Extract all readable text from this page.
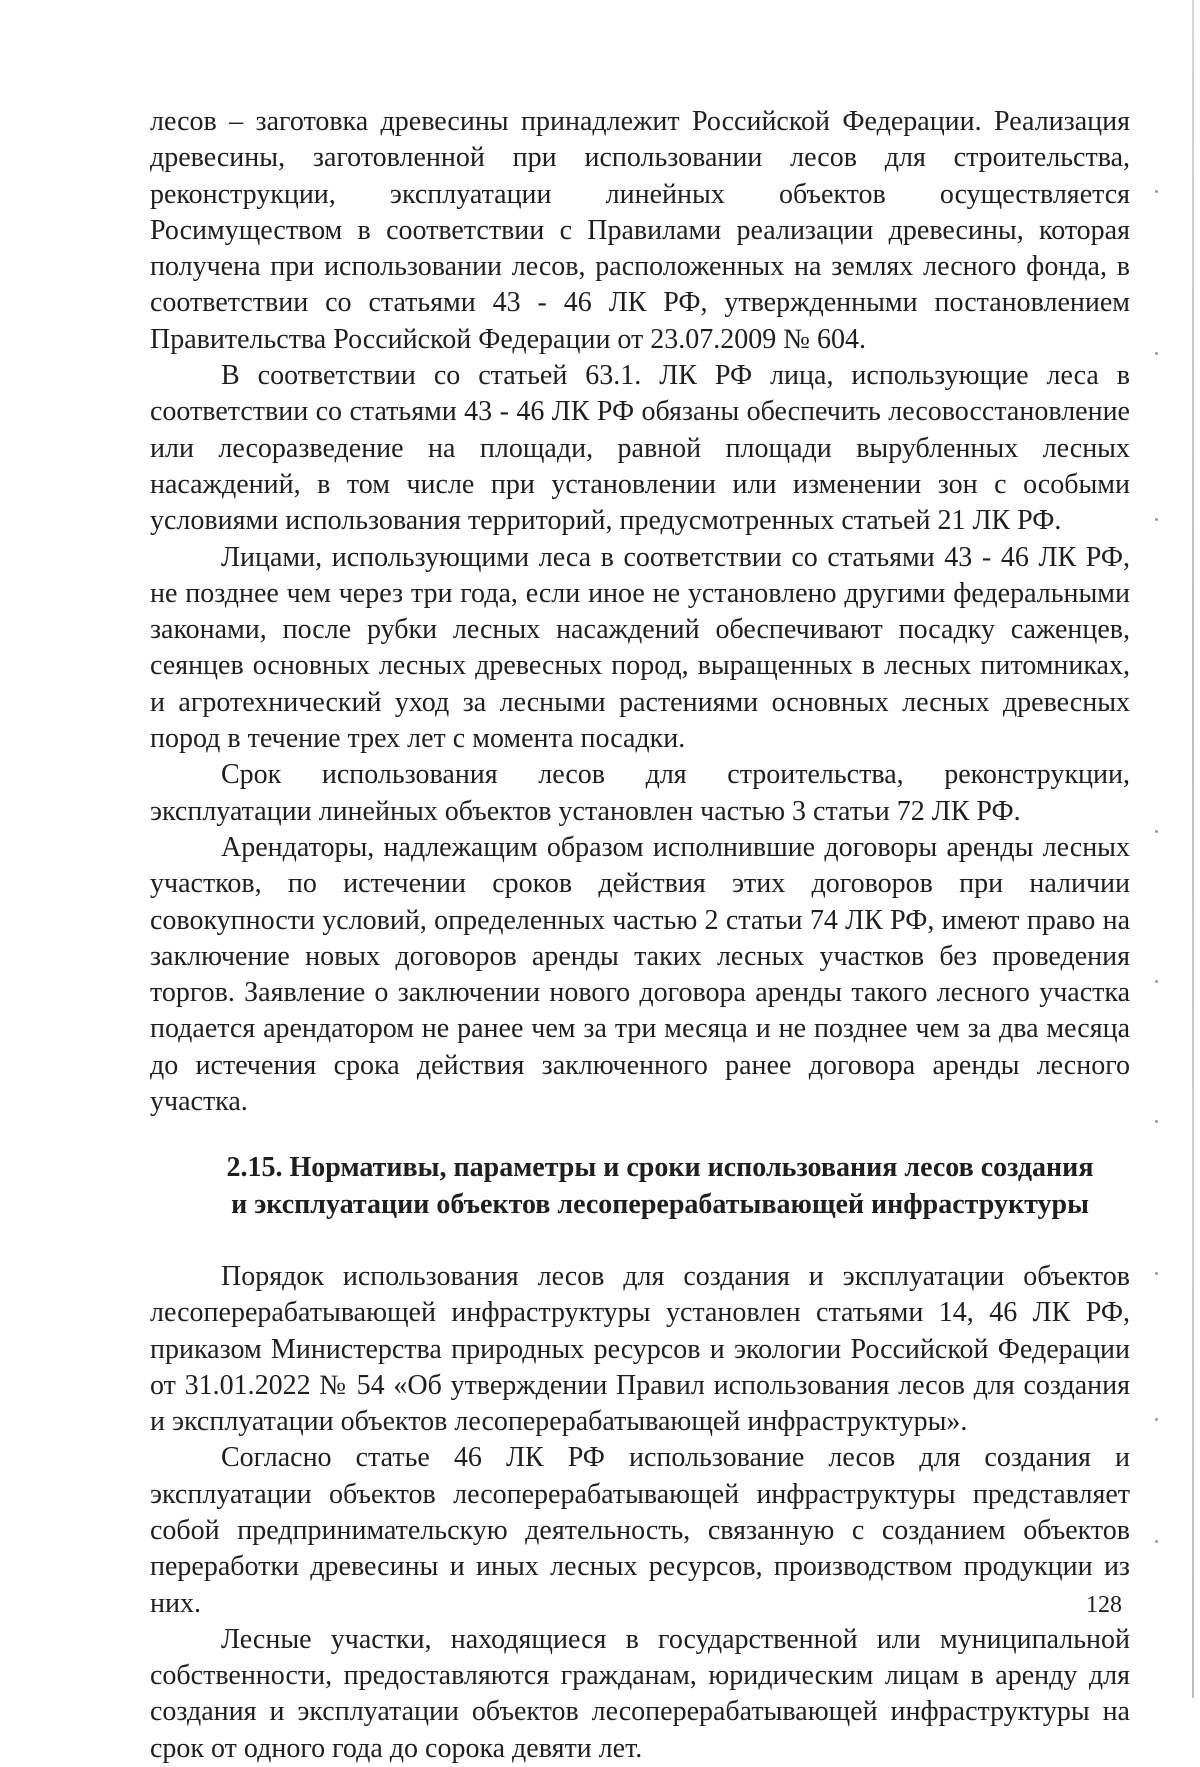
лесов – заготовка древесины принадлежит Российской Федерации. Реализация древесины, заготовленной при использовании лесов для строительства, реконструкции, эксплуатации линейных объектов осуществляется Росимуществом в соответствии с Правилами реализации древесины, которая получена при использовании лесов, расположенных на землях лесного фонда, в соответствии со статьями 43 - 46 ЛК РФ, утвержденными постановлением Правительства Российской Федерации от 23.07.2009 № 604.

В соответствии со статьей 63.1. ЛК РФ лица, использующие леса в соответствии со статьями 43 - 46 ЛК РФ обязаны обеспечить лесовосстановление или лесоразведение на площади, равной площади вырубленных лесных насаждений, в том числе при установлении или изменении зон с особыми условиями использования территорий, предусмотренных статьей 21 ЛК РФ.

Лицами, использующими леса в соответствии со статьями 43 - 46 ЛК РФ, не позднее чем через три года, если иное не установлено другими федеральными законами, после рубки лесных насаждений обеспечивают посадку саженцев, сеянцев основных лесных древесных пород, выращенных в лесных питомниках, и агротехнический уход за лесными растениями основных лесных древесных пород в течение трех лет с момента посадки.

Срок использования лесов для строительства, реконструкции, эксплуатации линейных объектов установлен частью 3 статьи 72 ЛК РФ.

Арендаторы, надлежащим образом исполнившие договоры аренды лесных участков, по истечении сроков действия этих договоров при наличии совокупности условий, определенных частью 2 статьи 74 ЛК РФ, имеют право на заключение новых договоров аренды таких лесных участков без проведения торгов. Заявление о заключении нового договора аренды такого лесного участка подается арендатором не ранее чем за три месяца и не позднее чем за два месяца до истечения срока действия заключенного ранее договора аренды лесного участка.

2.15. Нормативы, параметры и сроки использования лесов создания
и эксплуатации объектов лесоперерабатывающей инфраструктуры

Порядок использования лесов для создания и эксплуатации объектов лесоперерабатывающей инфраструктуры установлен статьями 14, 46 ЛК РФ, приказом Министерства природных ресурсов и экологии Российской Федерации от 31.01.2022 № 54 «Об утверждении Правил использования лесов для создания и эксплуатации объектов лесоперерабатывающей инфраструктуры».

Согласно статье 46 ЛК РФ использование лесов для создания и эксплуатации объектов лесоперерабатывающей инфраструктуры представляет собой предпринимательскую деятельность, связанную с созданием объектов переработки древесины и иных лесных ресурсов, производством продукции из них.

Лесные участки, находящиеся в государственной или муниципальной собственности, предоставляются гражданам, юридическим лицам в аренду для создания и эксплуатации объектов лесоперерабатывающей инфраструктуры на срок от одного года до сорока девяти лет.

128
